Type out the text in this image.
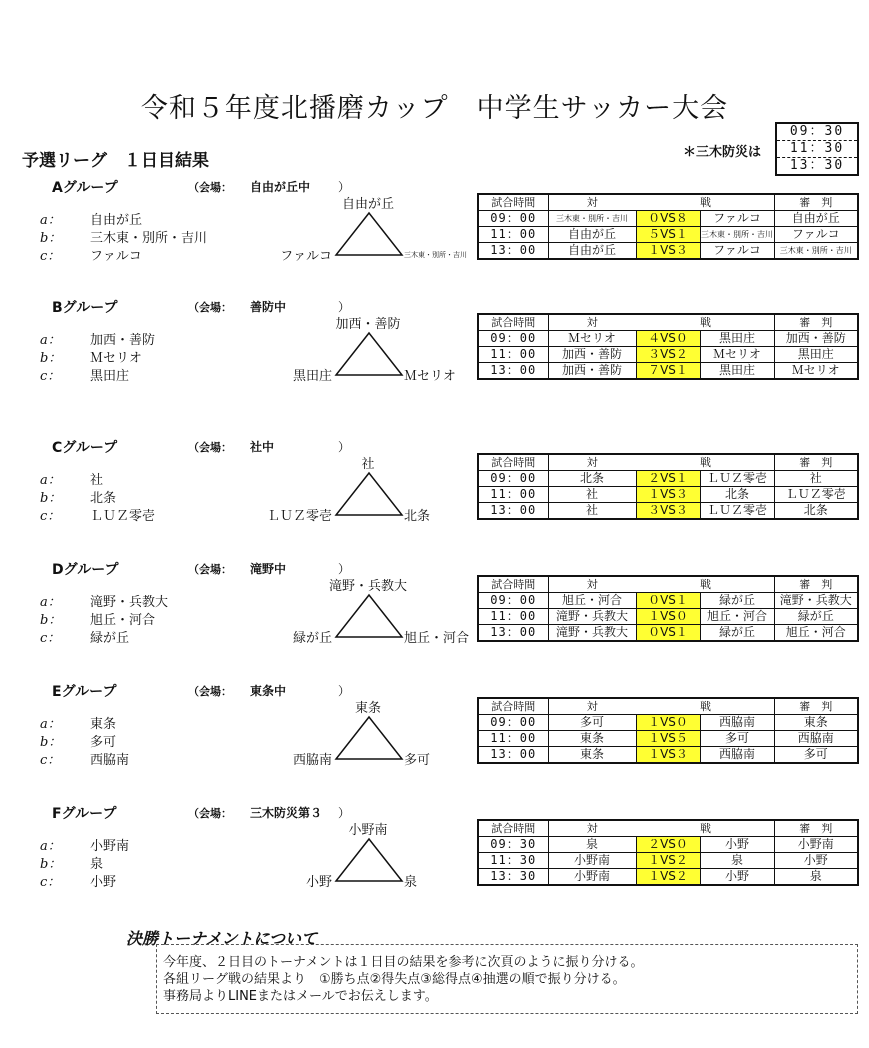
令和５年度北播磨カップ　中学生サッカー大会
予選リーグ　１日目結果	＊三木防災は
09：30
11：30
13：30
Aグループ	（会場： 自由が丘中 ）
a： 自由が丘
b： 三木東・別所・吉川
c： ファルコ
自由が丘
ファルコ	三木東・別所・吉川
試合時間	対		戦	審　判
09：00	三木東・別所・吉川	０VS８	ファルコ	自由が丘
11：00	自由が丘	５VS１	三木東・別所・吉川	ファルコ
13：00	自由が丘	１VS３	ファルコ	三木東・別所・吉川
Bグループ	（会場： 善防中	）
a： 加西・善防
b： Ｍセリオ
c： 黒田庄
加西・善防
黒田庄	Ｍセリオ
試合時間	対		戦	審　判
09：00	Ｍセリオ	４VS０	黒田庄	加西・善防
11：00	加西・善防	３VS２	Ｍセリオ	黒田庄
13：00	加西・善防	７VS１	黒田庄	Ｍセリオ
Cグループ	（会場： 社中	）
a： 社
b： 北条
c： ＬＵＺ零壱
社
ＬＵＺ零壱	北条
試合時間	対		戦	審　判
09：00	北条	２VS１	ＬＵＺ零壱	社
11：00	社	１VS３	北条	ＬＵＺ零壱
13：00	社	３VS３	ＬＵＺ零壱	北条
Dグループ	（会場： 滝野中	）
a： 滝野・兵教大
b： 旭丘・河合
c： 緑が丘
滝野・兵教大
緑が丘	旭丘・河合
試合時間	対		戦	審　判
09：00	旭丘・河合	０VS１	緑が丘	滝野・兵教大
11：00	滝野・兵教大	１VS０	旭丘・河合	緑が丘
13：00	滝野・兵教大	０VS１	緑が丘	旭丘・河合
Eグループ	（会場： 東条中	）
a： 東条
b： 多可
c： 西脇南
東条
西脇南	多可
試合時間	対		戦	審　判
09：00	多可	１VS０	西脇南	東条
11：00	東条	１VS５	多可	西脇南
13：00	東条	１VS３	西脇南	多可
Fグループ	（会場： 三木防災第３ ）
a： 小野南
b： 泉
c： 小野
小野南
小野	泉
試合時間	対		戦	審　判
09：30	泉	２VS０	小野	小野南
11：30	小野南	１VS２	泉	小野
13：30	小野南	１VS２	小野	泉
決勝トーナメントについて
今年度、２日目のトーナメントは１日目の結果を参考に次頁のように振り分ける。
各組リーグ戦の結果より　①勝ち点②得失点③総得点④抽選の順で振り分ける。
事務局よりLINEまたはメールでお伝えします。
